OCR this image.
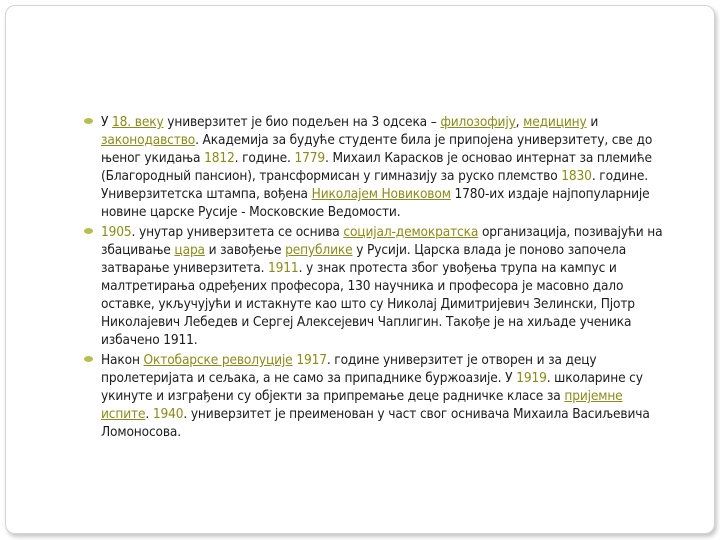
У 18. веку универзитет је био подељен на 3 одсека – филозофију, медицину и законодавство. Академија за будуће студенте била је припојена универзитету, све до њеног укидања 1812. године. 1779. Михаил Карасков је основао интернат за племиће (Благородный пансион), трансформисан у гимназију за руско племство 1830. године. Универзитетска штампа, вођена Николајем Новиковом 1780-их издаје најпопуларније новине царске Русије - Московские Ведомости.
1905. унутар универзитета се оснива социјал-демократска организација, позивајући на збацивање цара и завођење републике у Русији. Царска влада је поново започела затварање универзитета. 1911. у знак протеста због увођења трупа на кампус и малтретирања одређених професора, 130 научника и професора је масовно дало оставке, укључујући и истакнуте као што су Николај Димитријевич Зелински, Пјотр Николајевич Лебедев и Сергеј Алексејевич Чаплигин. Такође је на хиљаде ученика избачено 1911.
Након Октобарске револуције 1917. године универзитет је отворен и за децу пролетеријата и сељака, а не само за припаднике буржоазије. У 1919. школарине су укинуте и изграђени су објекти за припремање деце радничке класе за пријемне испите. 1940. универзитет је преименован у част свог оснивача Михаила Васиљевича Ломоносова.
